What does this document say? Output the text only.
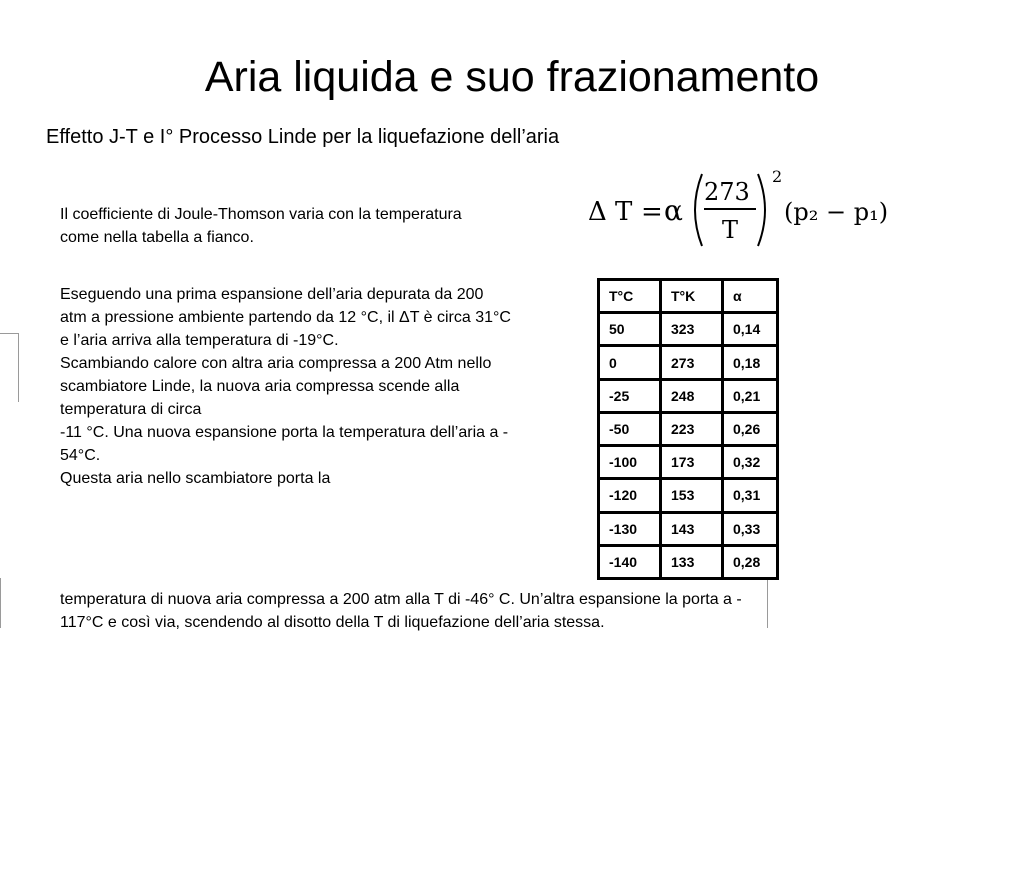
Aria liquida e suo frazionamento
Effetto J-T e I° Processo Linde per la liquefazione dell’aria
Il coefficiente di Joule-Thomson varia con la temperatura
come nella tabella a fianco.
Eseguendo una prima espansione dell’aria depurata da 200
atm a pressione ambiente partendo da 12 °C, il ΔT è circa 31°C
e l’aria arriva alla temperatura di -19°C.
Scambiando calore con altra aria compressa a 200 Atm nello
scambiatore Linde, la nuova aria compressa scende alla
temperatura di circa
-11 °C. Una nuova espansione porta la temperatura dell’aria a -
54°C.
Questa aria nello scambiatore porta la
Δ T = α
273
T
2
(p₂ − p₁)
T°C	T°K	α
50	323	0,14
0	273	0,18
-25	248	0,21
-50	223	0,26
-100	173	0,32
-120	153	0,31
-130	143	0,33
-140	133	0,28
temperatura di nuova aria compressa a 200 atm alla T di -46° C. Un’altra espansione la porta a -
117°C e così via, scendendo al disotto della T di liquefazione dell’aria stessa.
